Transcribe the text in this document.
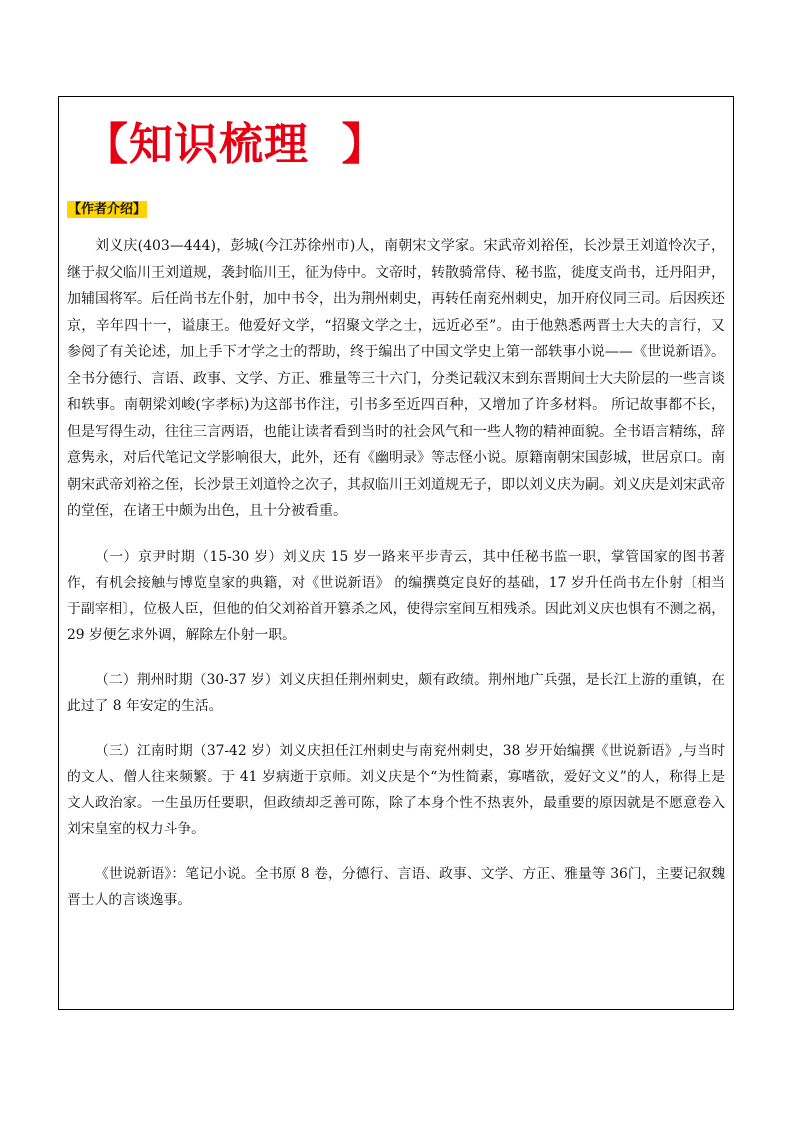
【知识梳理  】
【作者介绍】

刘义庆(403—444)，彭城(今江苏徐州市)人，南朝宋文学家。宋武帝刘裕侄，长沙景王刘道怜次子，继于叔父临川王刘道规，袭封临川王，征为侍中。文帝时，转散骑常侍、秘书监，徙度支尚书，迁丹阳尹，加辅国将军。后任尚书左仆射，加中书令，出为荆州刺史，再转任南兖州刺史，加开府仪同三司。后因疾还京，辛年四十一，谥康王。他爱好文学，“招聚文学之士，远近必至”。由于他熟悉两晋士大夫的言行，又参阅了有关论述，加上手下才学之士的帮助，终于编出了中国文学史上第一部轶事小说——《世说新语》。全书分德行、言语、政事、文学、方正、雅量等三十六门，分类记载汉末到东晋期间士大夫阶层的一些言谈和轶事。南朝梁刘峻(字孝标)为这部书作注，引书多至近四百种，又增加了许多材料。 所记故事都不长，但是写得生动，往往三言两语，也能让读者看到当时的社会风气和一些人物的精神面貌。全书语言精练，辞意隽永，对后代笔记文学影响很大，此外，还有《幽明录》等志怪小说。原籍南朝宋国彭城，世居京口。南朝宋武帝刘裕之侄，长沙景王刘道怜之次子，其叔临川王刘道规无子，即以刘义庆为嗣。刘义庆是刘宋武帝的堂侄，在诸王中颇为出色，且十分被看重。

（一）京尹时期（15-30 岁）刘义庆 15 岁一路来平步青云，其中任秘书监一职，掌管国家的图书著作，有机会接触与博览皇家的典籍，对《世说新语》 的编撰奠定良好的基础，17 岁升任尚书左仆射〔相当于副宰相〕，位极人臣，但他的伯父刘裕首开篡杀之风，使得宗室间互相残杀。因此刘义庆也惧有不测之祸，29 岁便乞求外调，解除左仆射一职。

（二）荆州时期（30-37 岁）刘义庆担任荆州刺史，颇有政绩。荆州地广兵强，是长江上游的重镇，在此过了 8 年安定的生活。

（三）江南时期（37-42 岁）刘义庆担任江州刺史与南兖州刺史，38 岁开始编撰《世说新语》,与当时的文人、僧人往来频繁。于 41 岁病逝于京师。刘义庆是个“为性简素，寡嗜欲，爱好文义”的人，称得上是文人政治家。一生虽历任要职，但政绩却乏善可陈，除了本身个性不热衷外，最重要的原因就是不愿意卷入刘宋皇室的权力斗争。

《世说新语》：笔记小说。全书原 8 卷，分德行、言语、政事、文学、方正、雅量等 36门，主要记叙魏晋士人的言谈逸事。
